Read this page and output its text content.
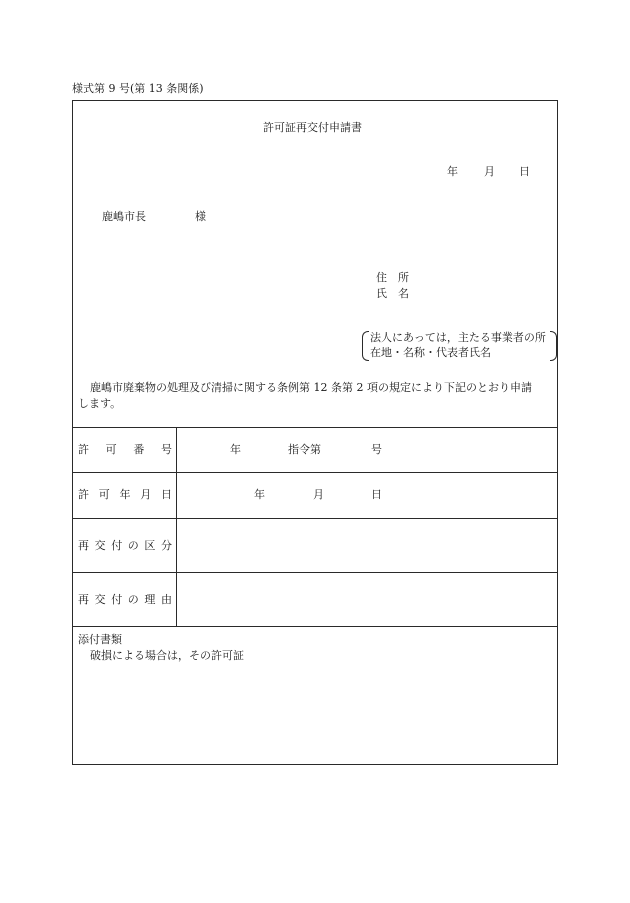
様式第 9 号(第 13 条関係)
許可証再交付申請書
年 月 日
鹿嶋市長	様
住　所
氏　名
法人にあっては，主たる事業者の所
在地・名称・代表者氏名
鹿嶋市廃棄物の処理及び清掃に関する条例第 12 条第 2 項の規定により下記のとおり申請
します。
許 可 番 号	年	指令第	号
許 可 年 月 日	年	月	日
再 交 付 の 区 分
再 交 付 の 理 由
添付書類
破損による場合は，その許可証
